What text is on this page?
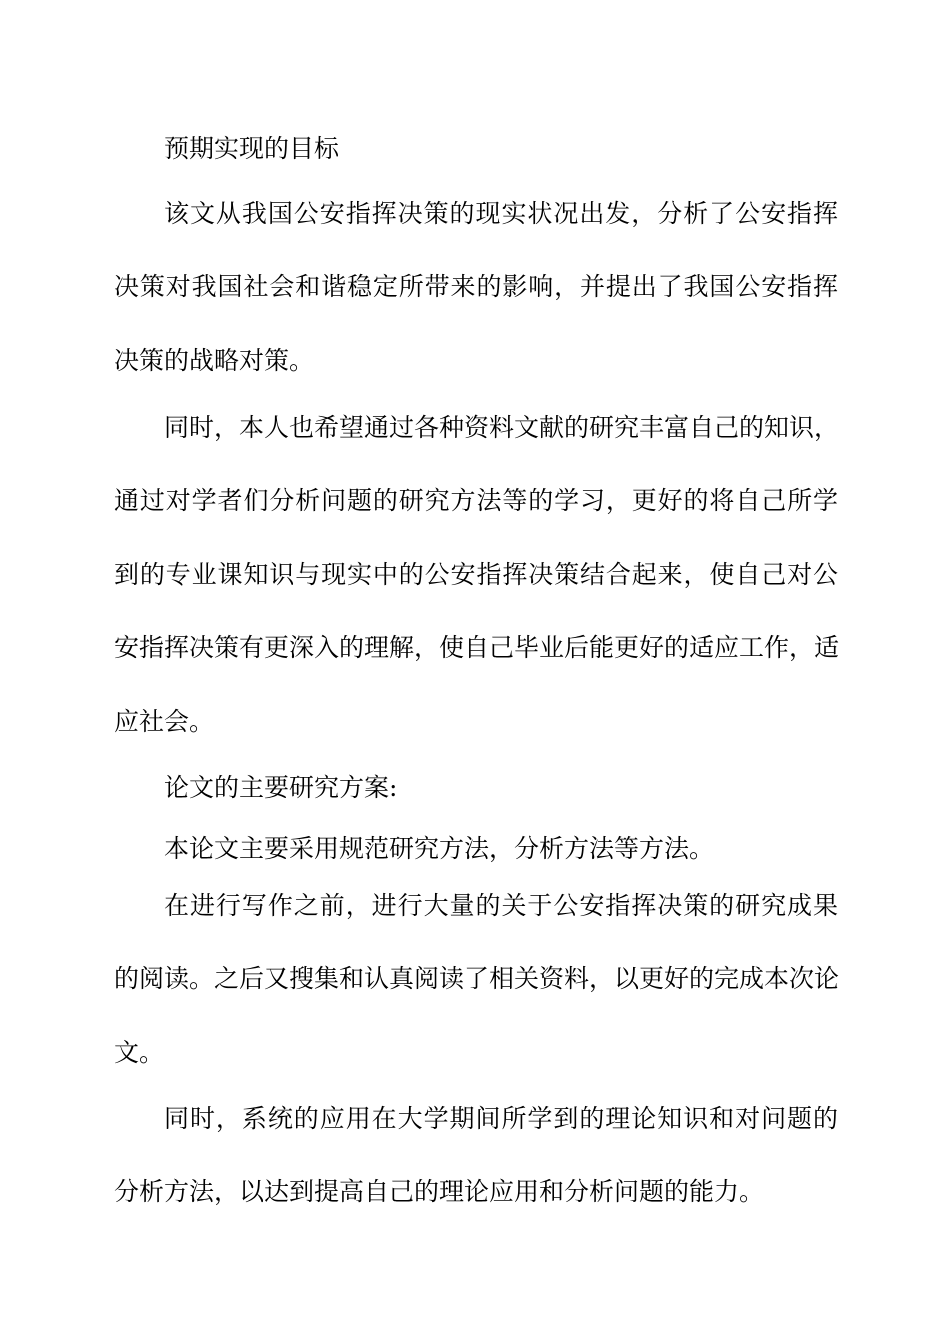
预期实现的目标
该文从我国公安指挥决策的现实状况出发，分析了公安指挥
决策对我国社会和谐稳定所带来的影响，并提出了我国公安指挥
决策的战略对策。
同时，本人也希望通过各种资料文献的研究丰富自己的知识，
通过对学者们分析问题的研究方法等的学习，更好的将自己所学
到的专业课知识与现实中的公安指挥决策结合起来，使自己对公
安指挥决策有更深入的理解，使自己毕业后能更好的适应工作，适
应社会。
论文的主要研究方案:
本论文主要采用规范研究方法，分析方法等方法。
在进行写作之前，进行大量的关于公安指挥决策的研究成果
的阅读。之后又搜集和认真阅读了相关资料，以更好的完成本次论
文。
同时，系统的应用在大学期间所学到的理论知识和对问题的
分析方法，以达到提高自己的理论应用和分析问题的能力。
